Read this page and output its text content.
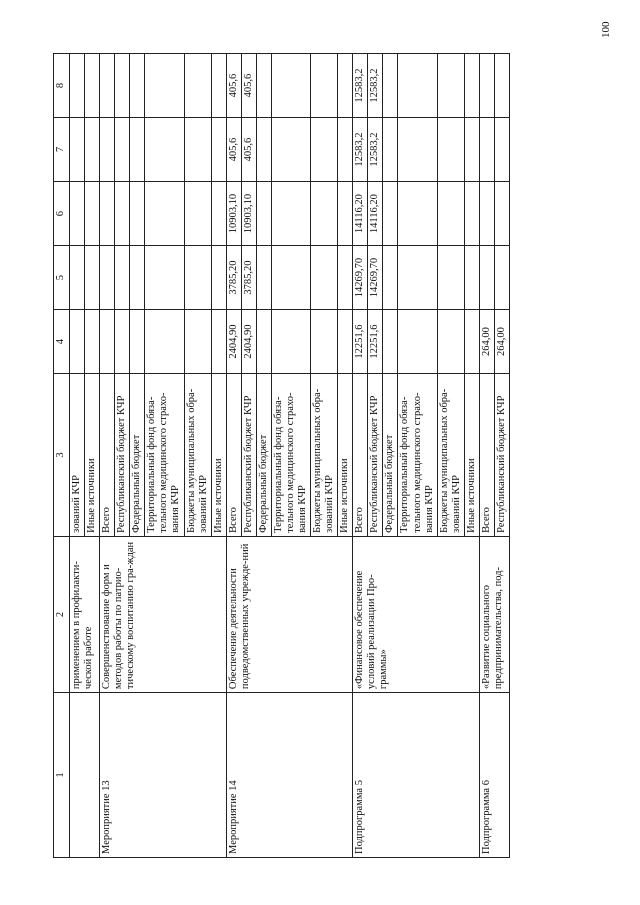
100
1	2	3	4	5	6	7	8
	применением в профилакти-ческой работе	зований КЧР					
		Иные источники					
Мероприятие 13	Совершенствование форм и методов работы по патрио-тическому воспитанию гра-ждан	Всего					
		Республиканский бюджет КЧР					
		Федеральный бюджет					
		Территориальный фонд обяза-тельного медицинского страхо-вания КЧР					
		Бюджеты муниципальных обра-зований КЧР					
		Иные источники					
Мероприятие 14	Обеспечение деятельности подведомственных учрежде-ний	Всего	2404,90	3785,20	10903,10	405,6	405,6
		Республиканский бюджет КЧР	2404,90	3785,20	10903,10	405,6	405,6
		Федеральный бюджет					
		Территориальный фонд обяза-тельного медицинского страхо-вания КЧР					
		Бюджеты муниципальных обра-зований КЧР					
		Иные источники					
Подпрограмма 5	«Финансовое обеспечение условий реализации Про-граммы»	Всего	12251,6	14269,70	14116,20	12583,2	12583,2
		Республиканский бюджет КЧР	12251,6	14269,70	14116,20	12583,2	12583,2
		Федеральный бюджет					
		Территориальный фонд обяза-тельного медицинского страхо-вания КЧР					
		Бюджеты муниципальных обра-зований КЧР					
		Иные источники					
Подпрограмма 6	«Развитие социального предпринимательства, под-	Всего	264,00				
		Республиканский бюджет КЧР	264,00				
